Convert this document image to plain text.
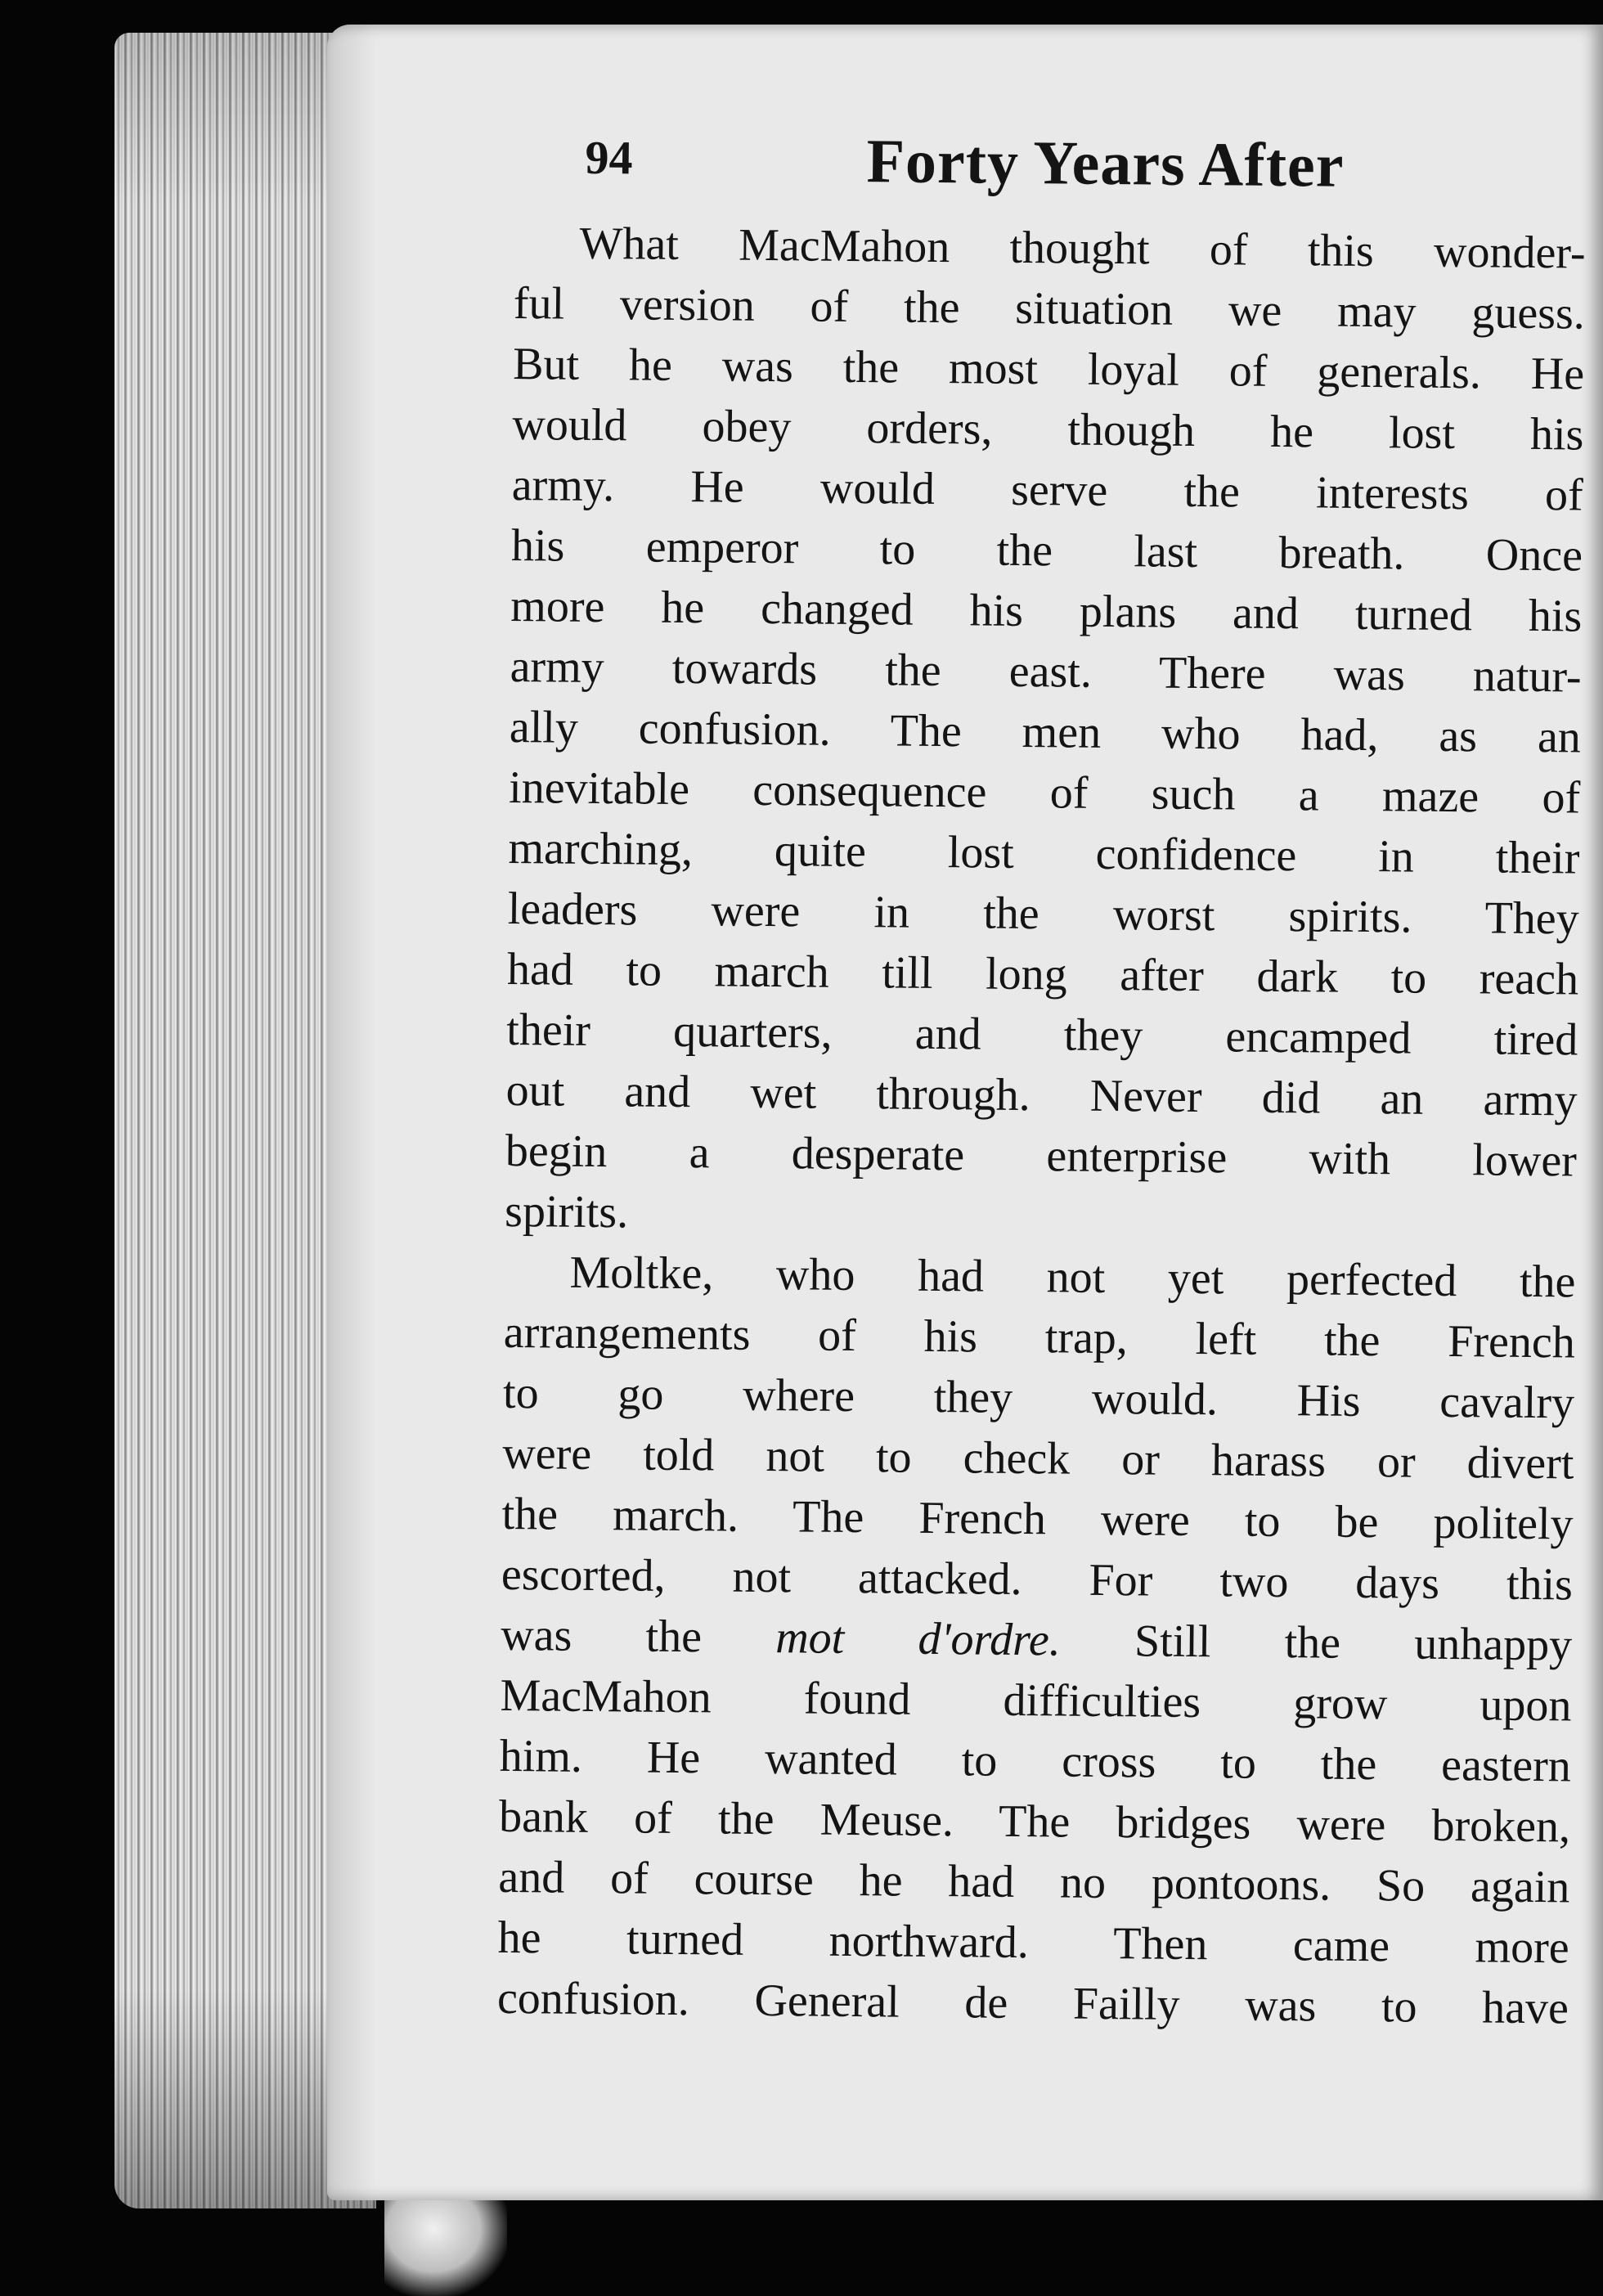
94	Forty Years After

What MacMahon thought of this wonder-
ful version of the situation we may guess.
But he was the most loyal of generals. He
would obey orders, though he lost his
army. He would serve the interests of
his emperor to the last breath. Once
more he changed his plans and turned his
army towards the east. There was natur-
ally confusion. The men who had, as an
inevitable consequence of such a maze of
marching, quite lost confidence in their
leaders were in the worst spirits. They
had to march till long after dark to reach
their quarters, and they encamped tired
out and wet through. Never did an army
begin a desperate enterprise with lower
spirits.

Moltke, who had not yet perfected the
arrangements of his trap, left the French
to go where they would. His cavalry
were told not to check or harass or divert
the march. The French were to be politely
escorted, not attacked. For two days this
was the mot d'ordre. Still the unhappy
MacMahon found difficulties grow upon
him. He wanted to cross to the eastern
bank of the Meuse. The bridges were broken,
and of course he had no pontoons. So again
he turned northward. Then came more
confusion. General de Failly was to have
